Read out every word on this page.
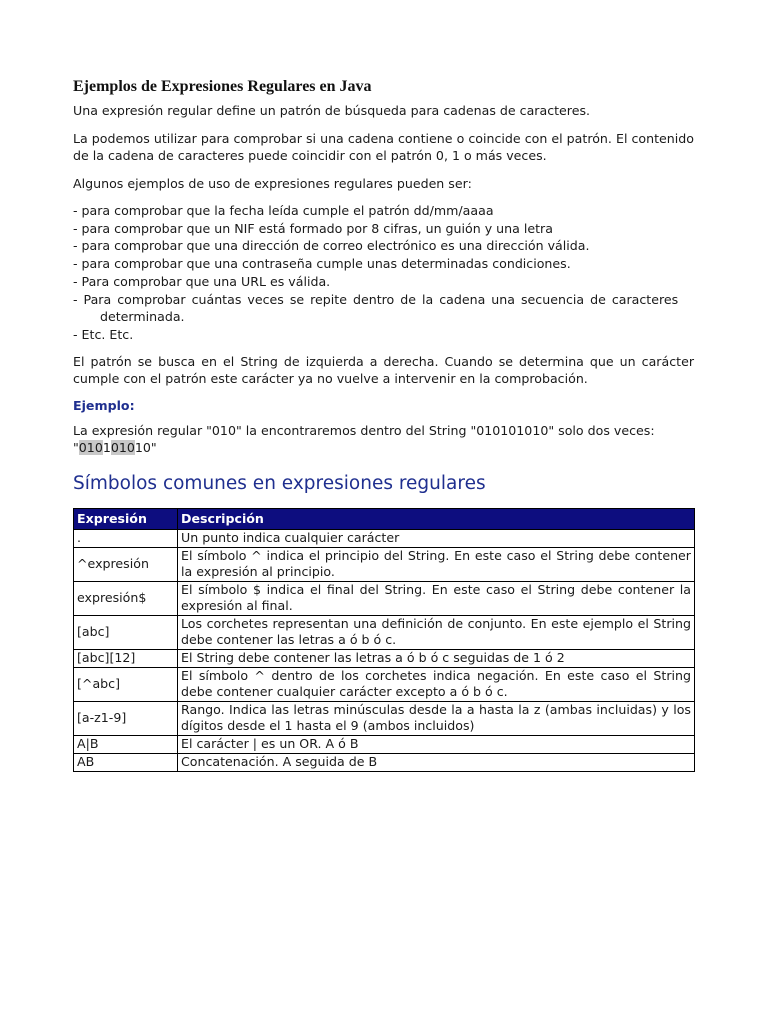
Ejemplos de Expresiones Regulares en Java

Una expresión regular define un patrón de búsqueda para cadenas de caracteres.

La podemos utilizar para comprobar si una cadena contiene o coincide con el patrón. El contenido de la cadena de caracteres puede coincidir con el patrón 0, 1 o más veces.

Algunos ejemplos de uso de expresiones regulares pueden ser:

- para comprobar que la fecha leída cumple el patrón dd/mm/aaaa
- para comprobar que un NIF está formado por 8 cifras, un guión y una letra
- para comprobar que una dirección de correo electrónico es una dirección válida.
- para comprobar que una contraseña cumple unas determinadas condiciones.
- Para comprobar que una URL es válida.
- Para comprobar cuántas veces se repite dentro de la cadena una secuencia de caracteres
determinada.
- Etc. Etc.

El patrón se busca en el String de izquierda a derecha. Cuando se determina que un carácter cumple con el patrón este carácter ya no vuelve a intervenir en la comprobación.

Ejemplo:

La expresión regular "010" la encontraremos dentro del String "010101010" solo dos veces:
"010101010"

Símbolos comunes en expresiones regulares
Expresión	Descripción
.	Un punto indica cualquier carácter
^expresión	El símbolo ^ indica el principio del String. En este caso el String debe contener la expresión al principio.
expresión$	El símbolo $ indica el final del String. En este caso el String debe contener la expresión al final.
[abc]	Los corchetes representan una definición de conjunto. En este ejemplo el String debe contener las letras a ó b ó c.
[abc][12]	El String debe contener las letras a ó b ó c seguidas de 1 ó 2
[^abc]	El símbolo ^ dentro de los corchetes indica negación. En este caso el String debe contener cualquier carácter excepto a ó b ó c.
[a-z1-9]	Rango. Indica las letras minúsculas desde la a hasta la z (ambas incluidas) y los dígitos desde el 1 hasta el 9 (ambos incluidos)
A|B	El carácter | es un OR. A ó B
AB	Concatenación. A seguida de B
